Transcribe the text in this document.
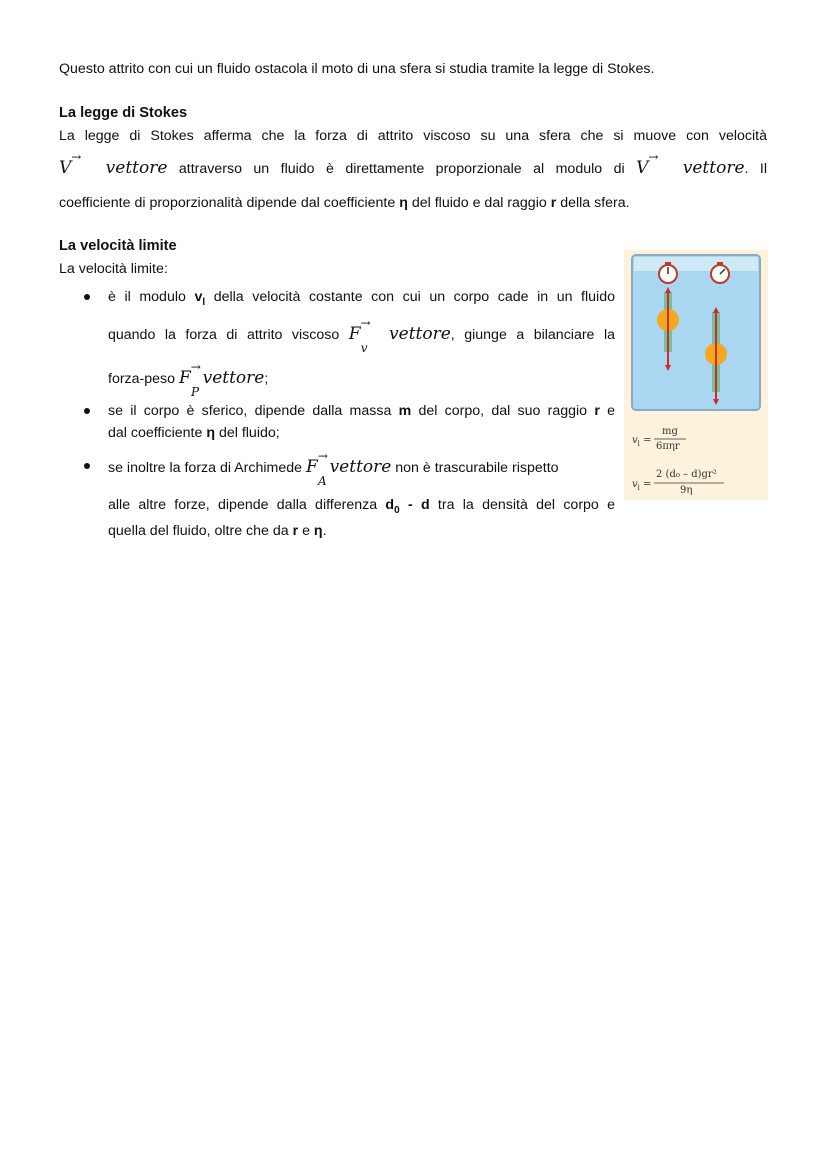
Questo attrito con cui un fluido ostacola il moto di una sfera si studia tramite la legge di Stokes.
La legge di Stokes
La legge di Stokes afferma che la forza di attrito viscoso su una sfera che si muove con velocità
V
→
vettore attraverso un fluido è direttamente proporzionale al modulo di V
→
vettore. Il
coefficiente di proporzionalità dipende dal coefficiente η del fluido e dal raggio r della sfera.
La velocità limite
La velocità limite:
è il modulo $v_l$ della velocità costante con cui un corpo cade in un fluido
quando la forza di attrito viscoso F
→
v
vettore, giunge a bilanciare la
forza-peso F
→
P
vettore;
se il corpo è sferico, dipende dalla massa m del corpo, dal suo raggio r e
dal coefficiente η del fluido;
se inoltre la forza di Archimede F
→
A
vettore non è trascurabile rispetto
alle altre forze, dipende dalla differenza $d_0$ - d tra la densità del corpo e
quella del fluido, oltre che da r e η.
$v_l$ =
mg
6πηr
$v_l$ =
2 (d₀ – d)gr²
9η
